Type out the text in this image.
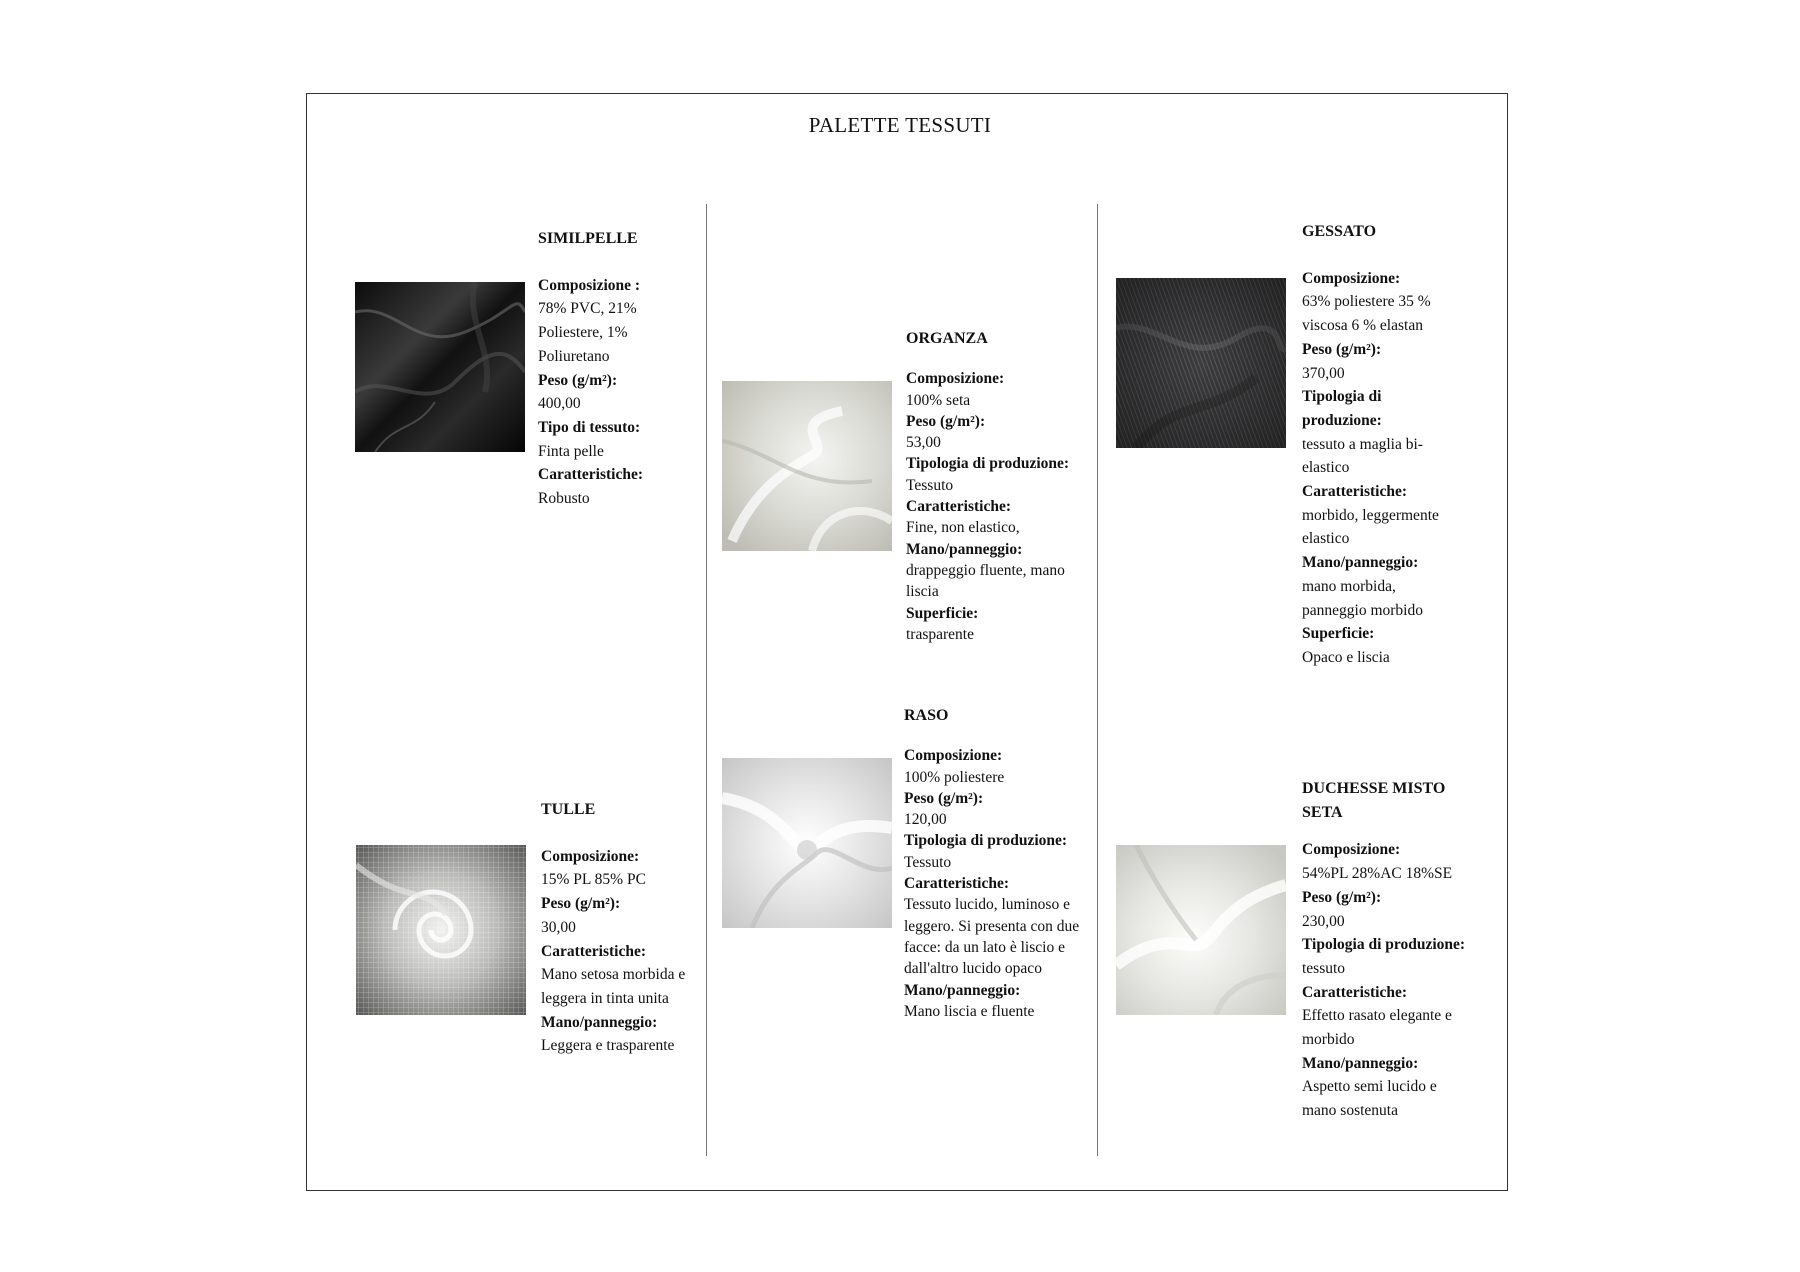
PALETTE TESSUTI
SIMILPELLE
Composizione :
78% PVC, 21% Poliestere, 1% Poliuretano
Peso (g/m²):
400,00
Tipo di tessuto:
Finta pelle
Caratteristiche:
Robusto
ORGANZA
Composizione:
100% seta
Peso (g/m²):
53,00
Tipologia di produzione:
Tessuto
Caratteristiche:
Fine, non elastico,
Mano/panneggio:
drappeggio fluente, mano liscia
Superficie:
trasparente
GESSATO
Composizione:
63% poliestere 35 % viscosa 6 % elastan
Peso (g/m²):
370,00
Tipologia di produzione:
tessuto a maglia bi-elastico
Caratteristiche:
morbido, leggermente elastico
Mano/panneggio:
mano morbida, panneggio morbido
Superficie:
Opaco e liscia
TULLE
Composizione:
15% PL 85% PC
Peso (g/m²):
30,00
Caratteristiche:
Mano setosa morbida e leggera in tinta unita
Mano/panneggio:
Leggera e trasparente
RASO
Composizione:
100% poliestere
Peso (g/m²):
120,00
Tipologia di produzione:
Tessuto
Caratteristiche:
Tessuto lucido, luminoso e leggero. Si presenta con due facce: da un lato è liscio e dall'altro lucido opaco
Mano/panneggio:
Mano liscia e fluente
DUCHESSE MISTO SETA
Composizione:
54%PL 28%AC 18%SE
Peso (g/m²):
230,00
Tipologia di produzione:
tessuto
Caratteristiche:
Effetto rasato elegante e morbido
Mano/panneggio:
Aspetto semi lucido e mano sostenuta
